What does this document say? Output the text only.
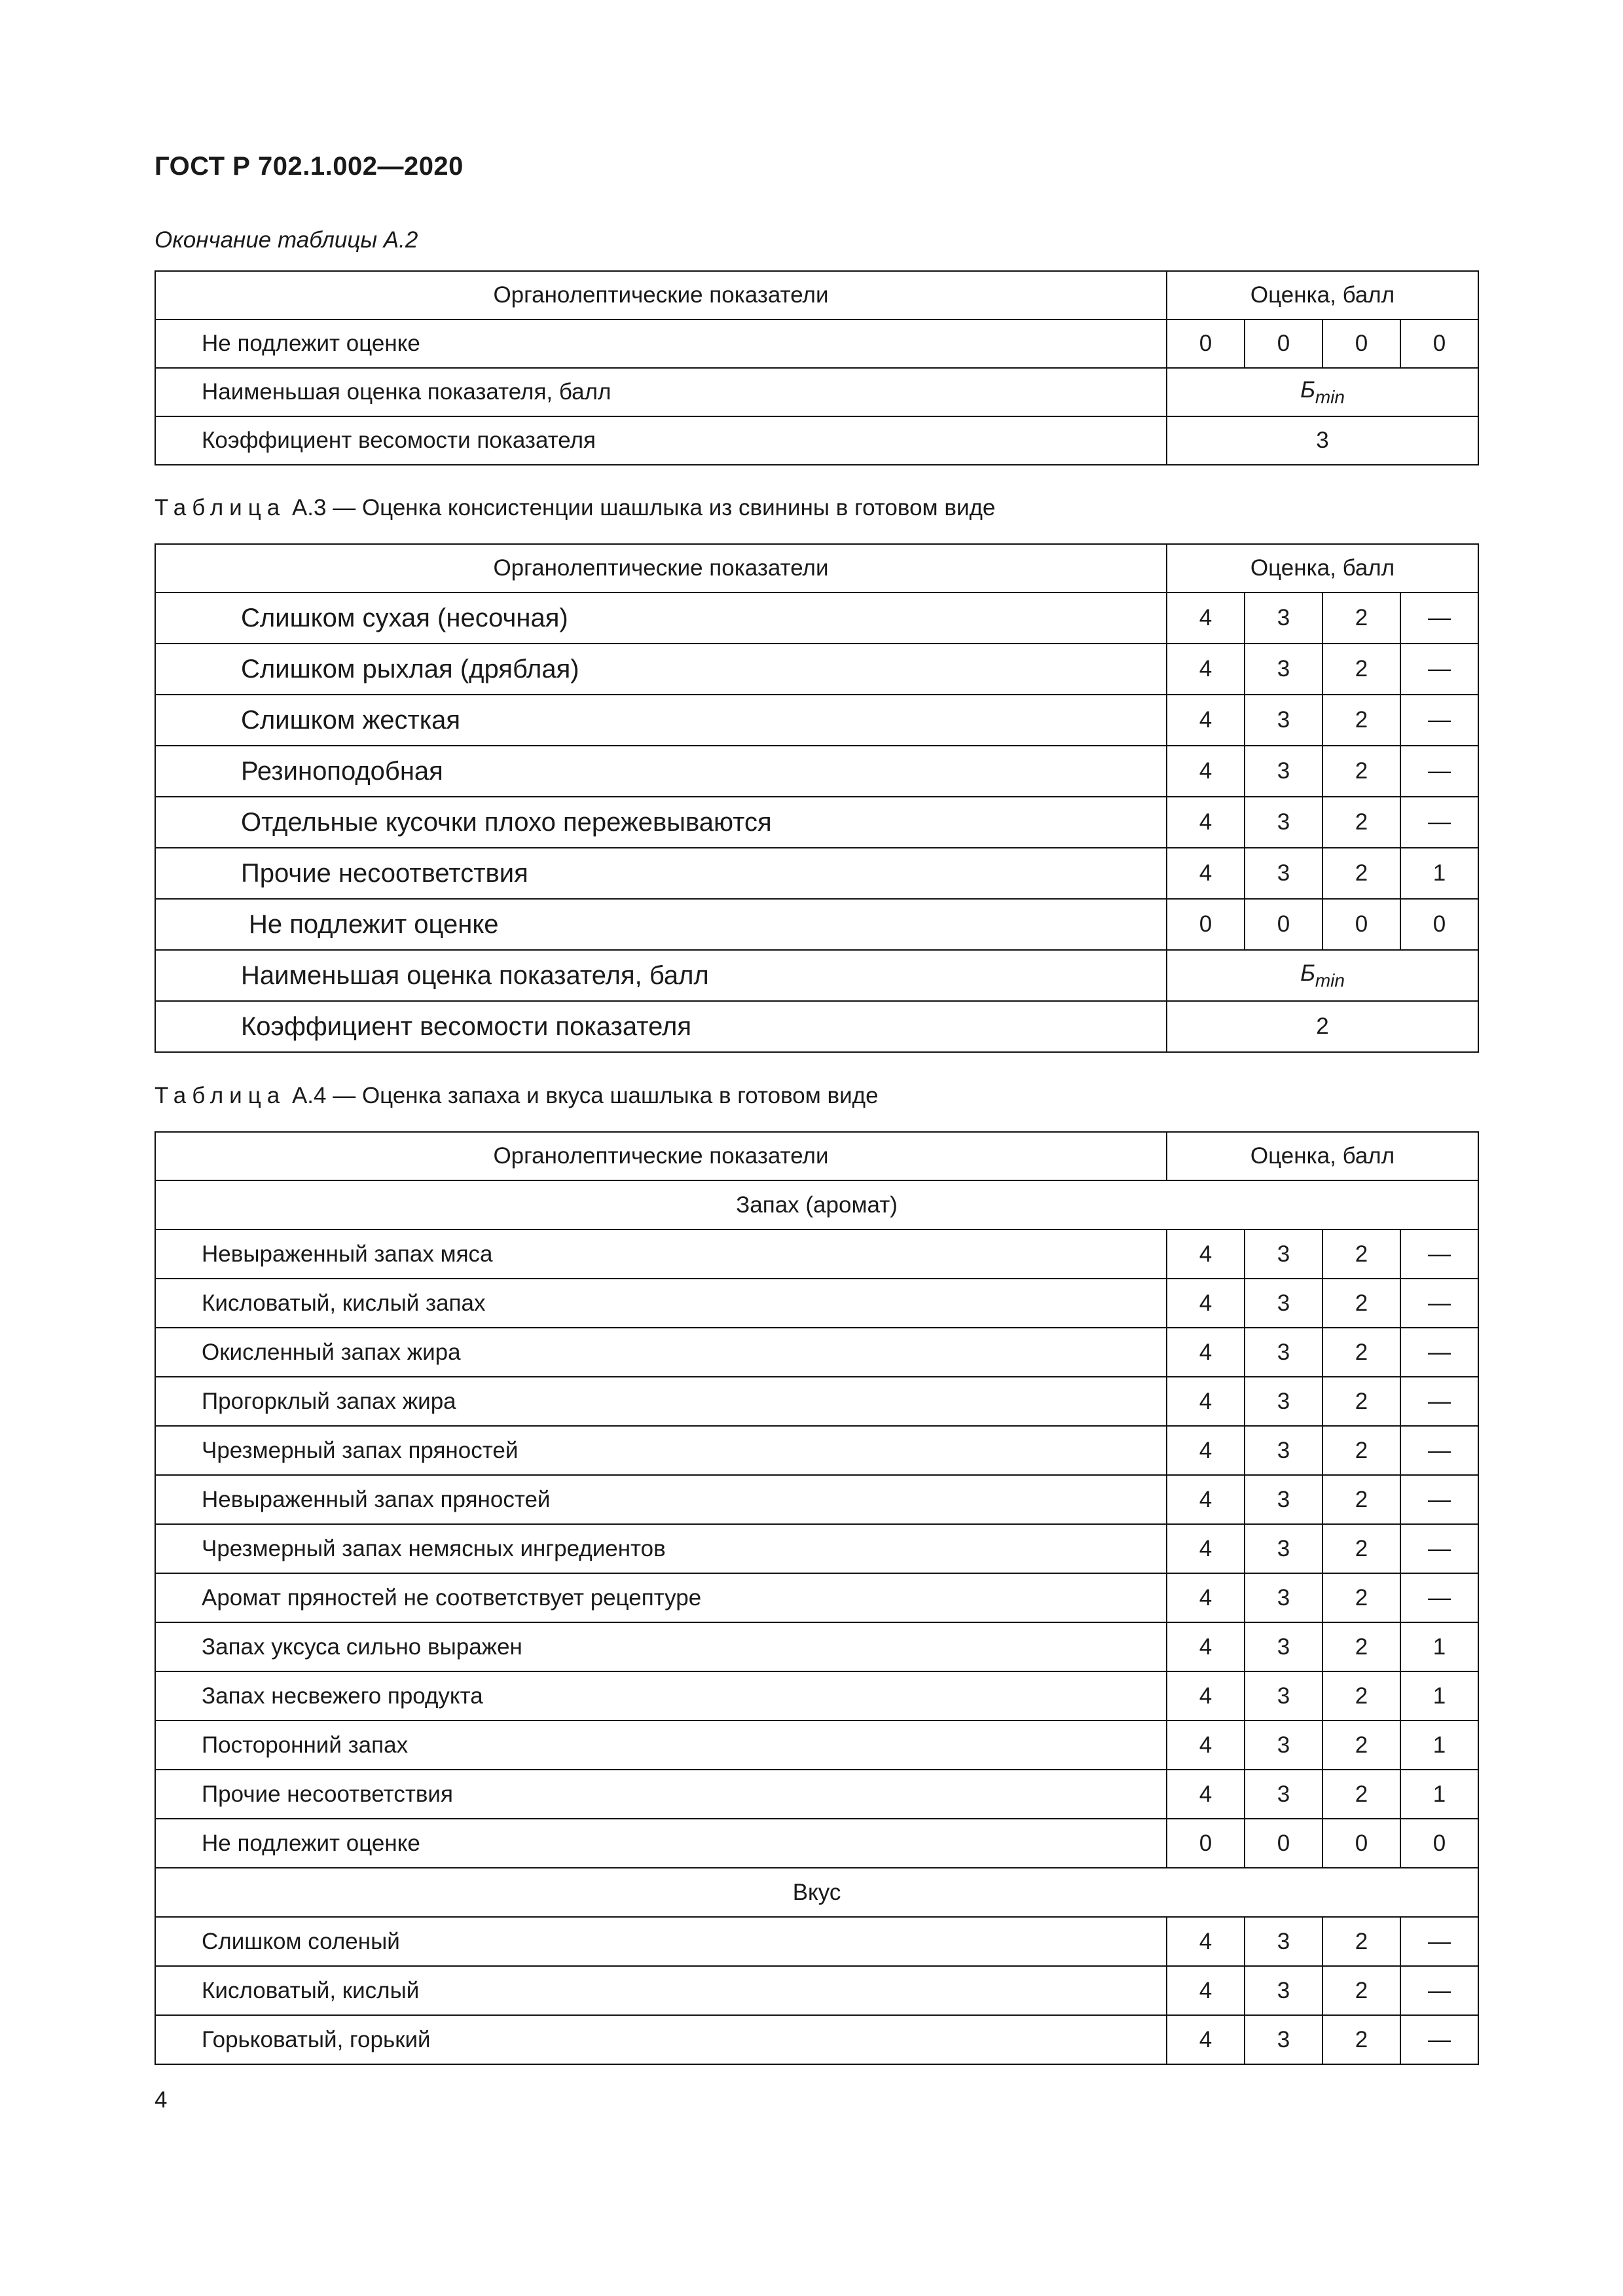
ГОСТ Р 702.1.002—2020
Окончание таблицы А.2
Органолептические показатели	Оценка, балл			
Не подлежит оценке	0	0	0	0
Наименьшая оценка показателя, балл	$Б_{min}$
Коэффициент весомости показателя	3			
Таблица А.3 — Оценка консистенции шашлыка из свинины в готовом виде
Органолептические показатели	Оценка, балл			
Слишком сухая (несочная)	4	3	2	—
Слишком рыхлая (дряблая)	4	3	2	—
Слишком жесткая	4	3	2	—
Резиноподобная	4	3	2	—
Отдельные кусочки плохо пережевываются	4	3	2	—
Прочие несоответствия	4	3	2	1
Не подлежит оценке	0	0	0	0
Наименьшая оценка показателя, балл	$Б_{min}$
Коэффициент весомости показателя	2			
Таблица А.4 — Оценка запаха и вкуса шашлыка в готовом виде
Органолептические показатели	Оценка, балл			
Запах (аромат)				
Невыраженный запах мяса	4	3	2	—
Кисловатый, кислый запах	4	3	2	—
Окисленный запах жира	4	3	2	—
Прогорклый запах жира	4	3	2	—
Чрезмерный запах пряностей	4	3	2	—
Невыраженный запах пряностей	4	3	2	—
Чрезмерный запах немясных ингредиентов	4	3	2	—
Аромат пряностей не соответствует рецептуре	4	3	2	—
Запах уксуса сильно выражен	4	3	2	1
Запах несвежего продукта	4	3	2	1
Посторонний запах	4	3	2	1
Прочие несоответствия	4	3	2	1
Не подлежит оценке	0	0	0	0
Вкус				
Слишком соленый	4	3	2	—
Кисловатый, кислый	4	3	2	—
Горьковатый, горький	4	3	2	—
4
